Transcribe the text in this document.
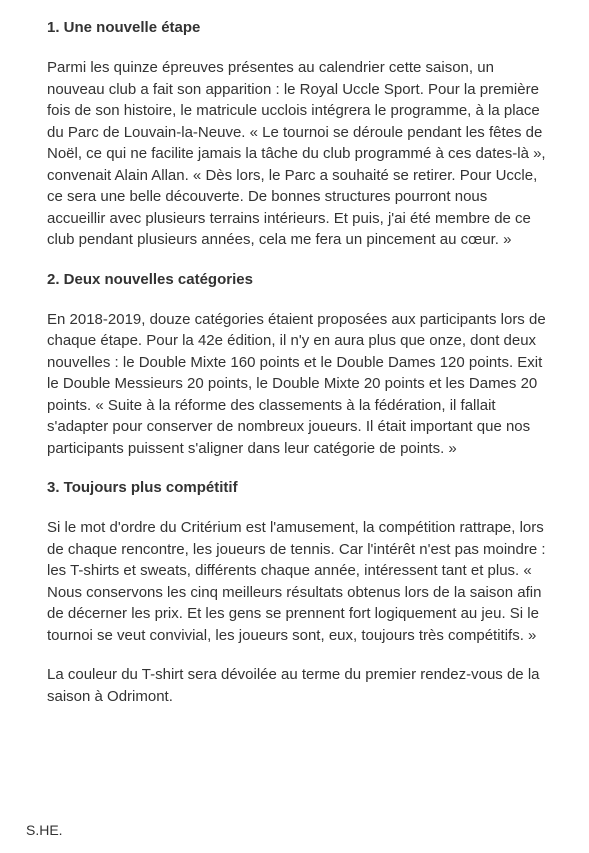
1. Une nouvelle étape

Parmi les quinze épreuves présentes au calendrier cette saison, un nouveau club a fait son apparition : le Royal Uccle Sport. Pour la première fois de son histoire, le matricule ucclois intégrera le programme, à la place du Parc de Louvain-la-Neuve. « Le tournoi se déroule pendant les fêtes de Noël, ce qui ne facilite jamais la tâche du club programmé à ces dates-là », convenait Alain Allan. « Dès lors, le Parc a souhaité se retirer. Pour Uccle, ce sera une belle découverte. De bonnes structures pourront nous accueillir avec plusieurs terrains intérieurs. Et puis, j'ai été membre de ce club pendant plusieurs années, cela me fera un pincement au cœur. »

2. Deux nouvelles catégories

En 2018-2019, douze catégories étaient proposées aux participants lors de chaque étape. Pour la 42e édition, il n'y en aura plus que onze, dont deux nouvelles : le Double Mixte 160 points et le Double Dames 120 points. Exit le Double Messieurs 20 points, le Double Mixte 20 points et les Dames 20 points. « Suite à la réforme des classements à la fédération, il fallait s'adapter pour conserver de nombreux joueurs. Il était important que nos participants puissent s'aligner dans leur catégorie de points. »

3. Toujours plus compétitif

Si le mot d'ordre du Critérium est l'amusement, la compétition rattrape, lors de chaque rencontre, les joueurs de tennis. Car l'intérêt n'est pas moindre : les T-shirts et sweats, différents chaque année, intéressent tant et plus. « Nous conservons les cinq meilleurs résultats obtenus lors de la saison afin de décerner les prix. Et les gens se prennent fort logiquement au jeu. Si le tournoi se veut convivial, les joueurs sont, eux, toujours très compétitifs. »

La couleur du T-shirt sera dévoilée au terme du premier rendez-vous de la saison à Odrimont.

S.HE.
